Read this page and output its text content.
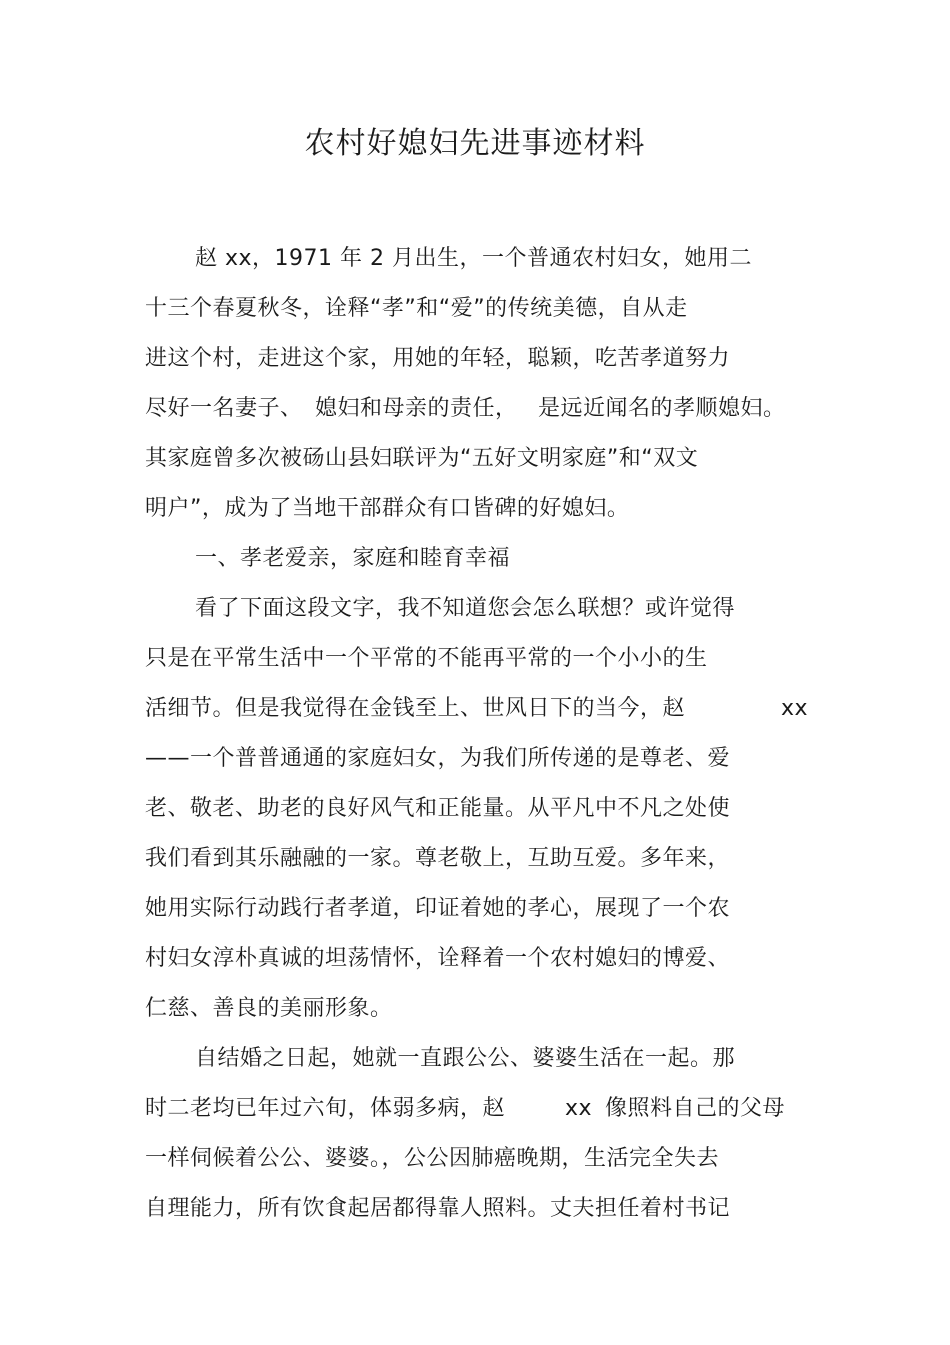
农村好媳妇先进事迹材料
赵 xx，1971 年 2 月出生，一个普通农村妇女，她用二
十三个春夏秋冬，诠释“孝”和“爱”的传统美德，自从走
进这个村，走进这个家，用她的年轻，聪颖，吃苦孝道努力
尽好一名妻子、 媳妇和母亲的责任， 是远近闻名的孝顺媳妇。
其家庭曾多次被砀山县妇联评为“五好文明家庭”和“双文
明户”，成为了当地干部群众有口皆碑的好媳妇。
一、孝老爱亲，家庭和睦育幸福
看了下面这段文字，我不知道您会怎么联想？或许觉得
只是在平常生活中一个平常的不能再平常的一个小小的生
活细节。但是我觉得在金钱至上、世风日下的当今，赵	xx
——一个普普通通的家庭妇女，为我们所传递的是尊老、爱
老、敬老、助老的良好风气和正能量。从平凡中不凡之处使
我们看到其乐融融的一家。尊老敬上，互助互爱。多年来，
她用实际行动践行者孝道，印证着她的孝心，展现了一个农
村妇女淳朴真诚的坦荡情怀，诠释着一个农村媳妇的博爱、
仁慈、善良的美丽形象。
自结婚之日起，她就一直跟公公、婆婆生活在一起。那
时二老均已年过六旬，体弱多病，赵	xx 像照料自己的父母
一样伺候着公公、婆婆。，公公因肺癌晚期，生活完全失去
自理能力，所有饮食起居都得靠人照料。丈夫担任着村书记
